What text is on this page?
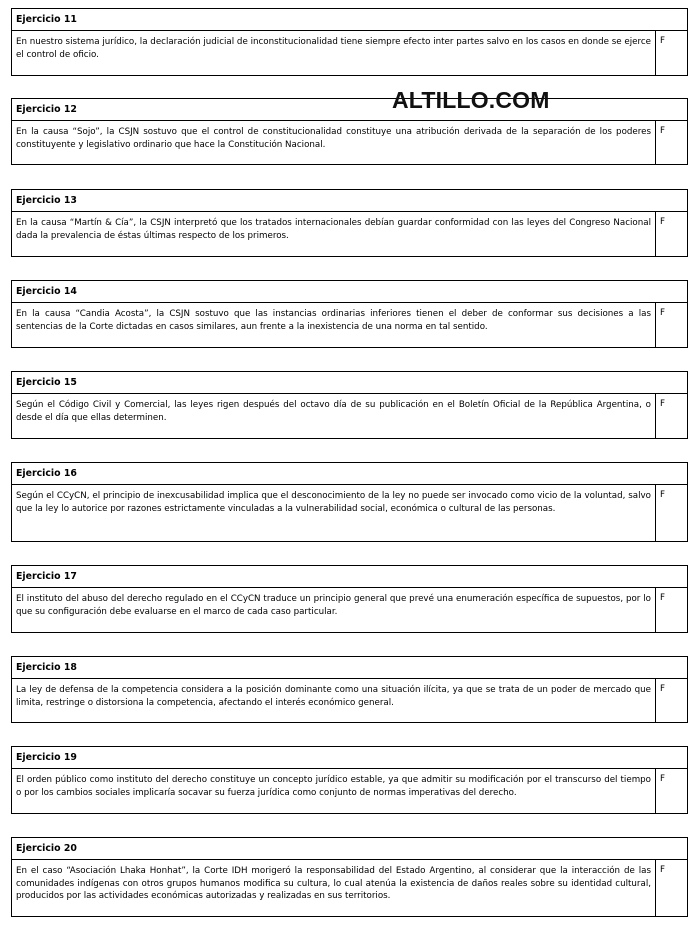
Ejercicio 11
En nuestro sistema jurídico, la declaración judicial de inconstitucionalidad tiene siempre efecto inter partes salvo en los casos en donde se ejerce el control de oficio.
F
Ejercicio 12
En la causa “Sojo”, la CSJN sostuvo que el control de constitucionalidad constituye una atribución derivada de la separación de los poderes constituyente y legislativo ordinario que hace la Constitución Nacional.
F
Ejercicio 13
En la causa “Martín & Cía”, la CSJN interpretó que los tratados internacionales debían guardar conformidad con las leyes del Congreso Nacional dada la prevalencia de éstas últimas respecto de los primeros.
F
Ejercicio 14
En la causa “Candia Acosta”, la CSJN sostuvo que las instancias ordinarias inferiores tienen el deber de conformar sus decisiones a las sentencias de la Corte dictadas en casos similares, aun frente a la inexistencia de una norma en tal sentido.
F
Ejercicio 15
Según el Código Civil y Comercial, las leyes rigen después del octavo día de su publicación en el Boletín Oficial de la República Argentina, o desde el día que ellas determinen.
F
Ejercicio 16
Según el CCyCN, el principio de inexcusabilidad implica que el desconocimiento de la ley no puede ser invocado como vicio de la voluntad, salvo que la ley lo autorice por razones estrictamente vinculadas a la vulnerabilidad social, económica o cultural de las personas.
F
Ejercicio 17
El instituto del abuso del derecho regulado en el CCyCN traduce un principio general que prevé una enumeración específica de supuestos, por lo que su configuración debe evaluarse en el marco de cada caso particular.
F
Ejercicio 18
La ley de defensa de la competencia considera a la posición dominante como una situación ilícita, ya que se trata de un poder de mercado que limita, restringe o distorsiona la competencia, afectando el interés económico general.
F
Ejercicio 19
El orden público como instituto del derecho constituye un concepto jurídico estable, ya que admitir su modificación por el transcurso del tiempo o por los cambios sociales implicaría socavar su fuerza jurídica como conjunto de normas imperativas del derecho.
F
Ejercicio 20
En el caso “Asociación Lhaka Honhat”, la Corte IDH morigeró la responsabilidad del Estado Argentino, al considerar que la interacción de las comunidades indígenas con otros grupos humanos modifica su cultura, lo cual atenúa la existencia de daños reales sobre su identidad cultural, producidos por las actividades económicas autorizadas y realizadas en sus territorios.
F
ALTILLO.COM
